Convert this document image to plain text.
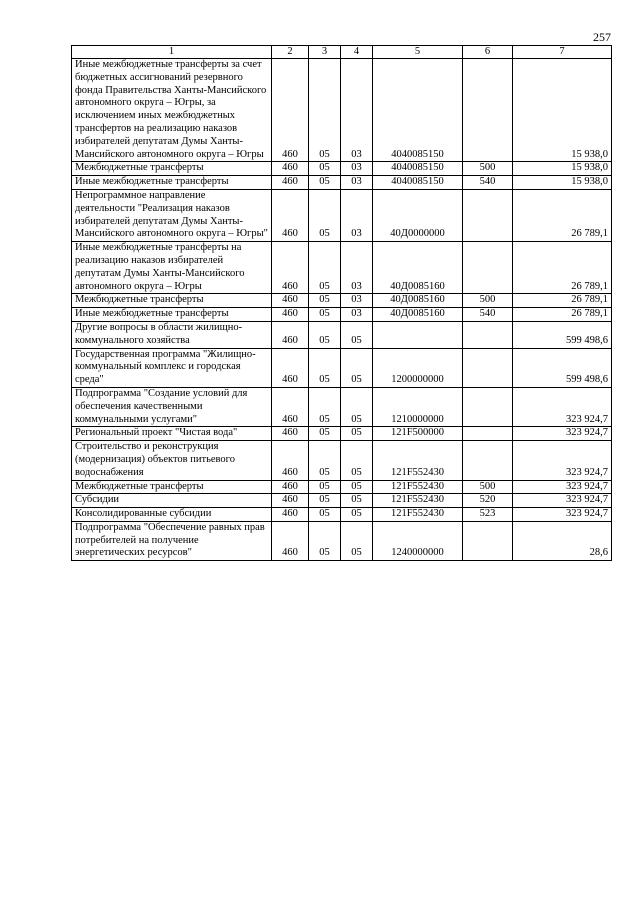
257
1	2	3	4	5	6	7
Иные межбюджетные трансферты за счет бюджетных ассигнований резервного фонда Правительства Ханты-Мансийского автономного округа – Югры, за исключением иных межбюджетных трансфертов на реализацию наказов избирателей депутатам Думы Ханты-Мансийского автономного округа – Югры	460	05	03	4040085150		15 938,0
Межбюджетные трансферты	460	05	03	4040085150	500	15 938,0
Иные межбюджетные трансферты	460	05	03	4040085150	540	15 938,0
Непрограммное направление деятельности "Реализация наказов избирателей депутатам Думы Ханты-Мансийского автономного округа – Югры"	460	05	03	40Д0000000		26 789,1
Иные межбюджетные трансферты на реализацию наказов избирателей депутатам Думы Ханты-Мансийского автономного округа – Югры	460	05	03	40Д0085160		26 789,1
Межбюджетные трансферты	460	05	03	40Д0085160	500	26 789,1
Иные межбюджетные трансферты	460	05	03	40Д0085160	540	26 789,1
Другие вопросы в области жилищно-коммунального хозяйства	460	05	05			599 498,6
Государственная программа "Жилищно-коммунальный комплекс и городская среда"	460	05	05	1200000000		599 498,6
Подпрограмма "Создание условий для обеспечения качественными коммунальными услугами"	460	05	05	1210000000		323 924,7
Региональный проект "Чистая вода"	460	05	05	121F500000		323 924,7
Строительство и реконструкция (модернизация) объектов питьевого водоснабжения	460	05	05	121F552430		323 924,7
Межбюджетные трансферты	460	05	05	121F552430	500	323 924,7
Субсидии	460	05	05	121F552430	520	323 924,7
Консолидированные субсидии	460	05	05	121F552430	523	323 924,7
Подпрограмма "Обеспечение равных прав потребителей на получение энергетических ресурсов"	460	05	05	1240000000		28,6
